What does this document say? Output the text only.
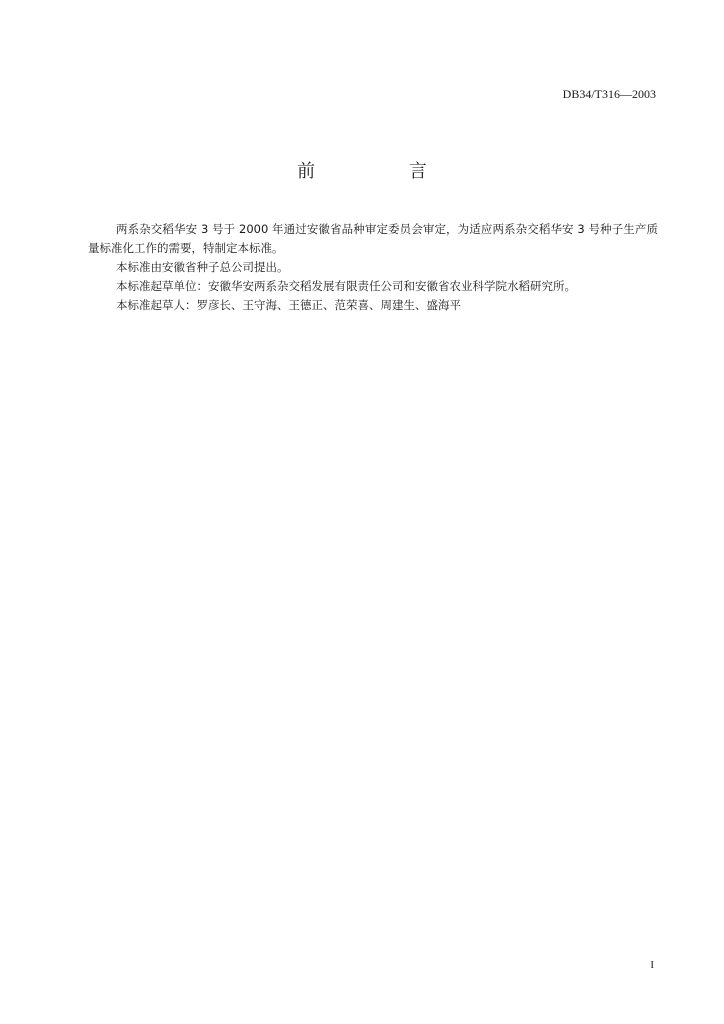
DB34/T316—2003
前 言

两系杂交稻华安 3 号于 2000 年通过安徽省品种审定委员会审定，为适应两系杂交稻华安 3 号种子生产质量标准化工作的需要，特制定本标准。

本标准由安徽省种子总公司提出。

本标准起草单位：安徽华安两系杂交稻发展有限责任公司和安徽省农业科学院水稻研究所。

本标准起草人：罗彦长、王守海、王德正、范荣喜、周建生、盛海平

I
